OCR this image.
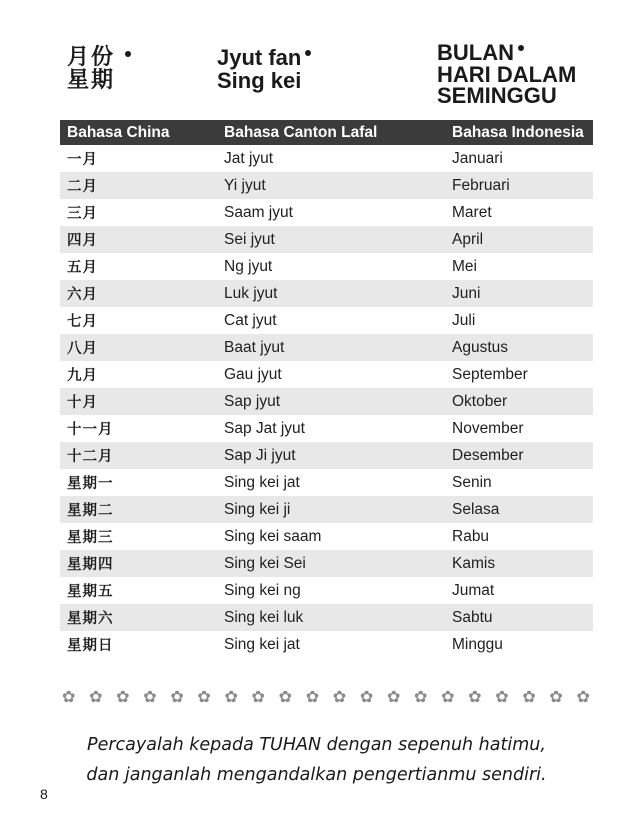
月份
星期
Jyut fan
Sing kei
BULAN
HARI DALAM
SEMINGGU
Bahasa China	Bahasa Canton Lafal	Bahasa Indonesia
一月	Jat jyut	Januari
二月	Yi jyut	Februari
三月	Saam jyut	Maret
四月	Sei jyut	April
五月	Ng jyut	Mei
六月	Luk jyut	Juni
七月	Cat jyut	Juli
八月	Baat jyut	Agustus
九月	Gau jyut	September
十月	Sap jyut	Oktober
十一月	Sap Jat jyut	November
十二月	Sap Ji jyut	Desember
星期一	Sing kei jat	Senin
星期二	Sing kei ji	Selasa
星期三	Sing kei saam	Rabu
星期四	Sing kei Sei	Kamis
星期五	Sing kei ng	Jumat
星期六	Sing kei luk	Sabtu
星期日	Sing kei jat	Minggu
✿ ✿ ✿ ✿ ✿ ✿ ✿ ✿ ✿ ✿ ✿ ✿ ✿ ✿ ✿ ✿ ✿ ✿ ✿ ✿
Percayalah kepada TUHAN dengan sepenuh hatimu,
dan janganlah mengandalkan pengertianmu sendiri.
8
